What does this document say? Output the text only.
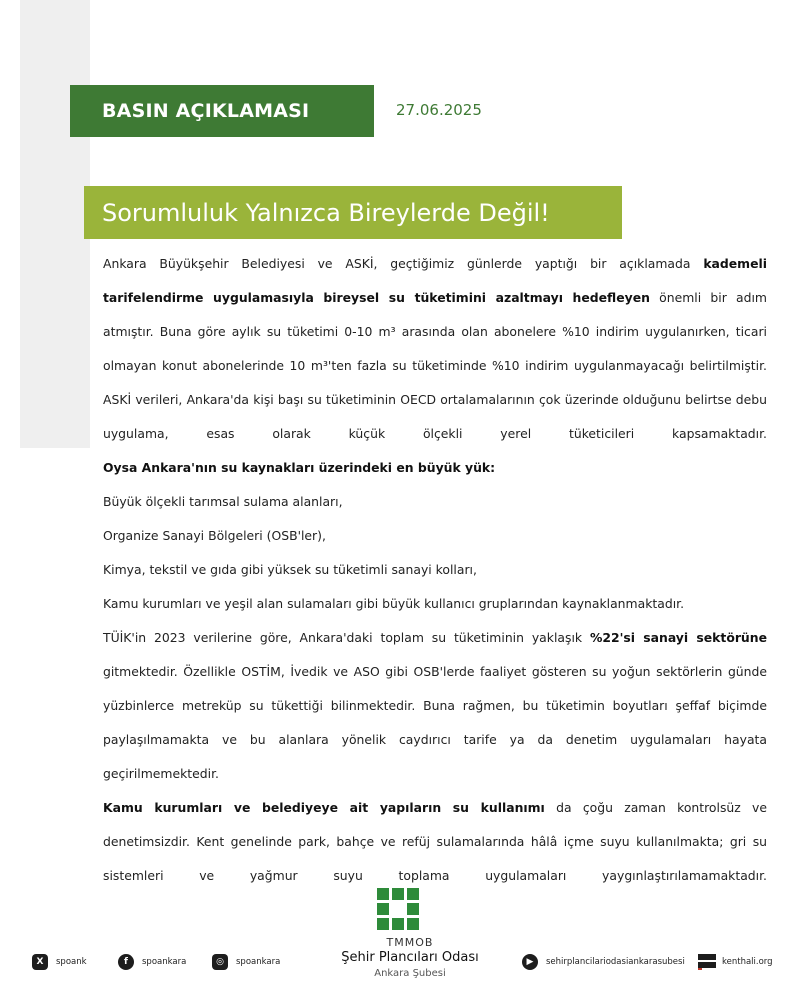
BASIN AÇIKLAMASI	27.06.2025
Sorumluluk Yalnızca Bireylerde Değil!

Ankara Büyükşehir Belediyesi ve ASKİ, geçtiğimiz günlerde yaptığı bir açıklamada kademeli tarifelendirme uygulamasıyla bireysel su tüketimini azaltmayı hedefleyen önemli bir adım atmıştır. Buna göre aylık su tüketimi 0-10 m³ arasında olan abonelere %10 indirim uygulanırken, ticari olmayan konut abonelerinde 10 m³'ten fazla su tüketiminde %10 indirim uygulanmayacağı belirtilmiştir. ASKİ verileri, Ankara'da kişi başı su tüketiminin OECD ortalamalarının çok üzerinde olduğunu belirtse debu uygulama, esas olarak küçük ölçekli yerel tüketicileri kapsamaktadır.

Oysa Ankara'nın su kaynakları üzerindeki en büyük yük:

Büyük ölçekli tarımsal sulama alanları,

Organize Sanayi Bölgeleri (OSB'ler),

Kimya, tekstil ve gıda gibi yüksek su tüketimli sanayi kolları,

Kamu kurumları ve yeşil alan sulamaları gibi büyük kullanıcı gruplarından kaynaklanmaktadır.

TÜİK'in 2023 verilerine göre, Ankara'daki toplam su tüketiminin yaklaşık %22'si sanayi sektörüne gitmektedir. Özellikle OSTİM, İvedik ve ASO gibi OSB'lerde faaliyet gösteren su yoğun sektörlerin günde yüzbinlerce metreküp su tükettiği bilinmektedir. Buna rağmen, bu tüketimin boyutları şeffaf biçimde paylaşılmamakta ve bu alanlara yönelik caydırıcı tarife ya da denetim uygulamaları hayata geçirilmemektedir.

Kamu kurumları ve belediyeye ait yapıların su kullanımı da çoğu zaman kontrolsüz ve denetimsizdir. Kent genelinde park, bahçe ve refüj sulamalarında hâlâ içme suyu kullanılmakta; gri su sistemleri ve yağmur suyu toplama uygulamaları yaygınlaştırılamamaktadır.

TMMOB
Şehir Plancıları Odası
Ankara Şubesi
X	spoank	f	spoankara	◎	spoankara	▶	sehirplancilariodasiankarasubesi	kenthali.org
